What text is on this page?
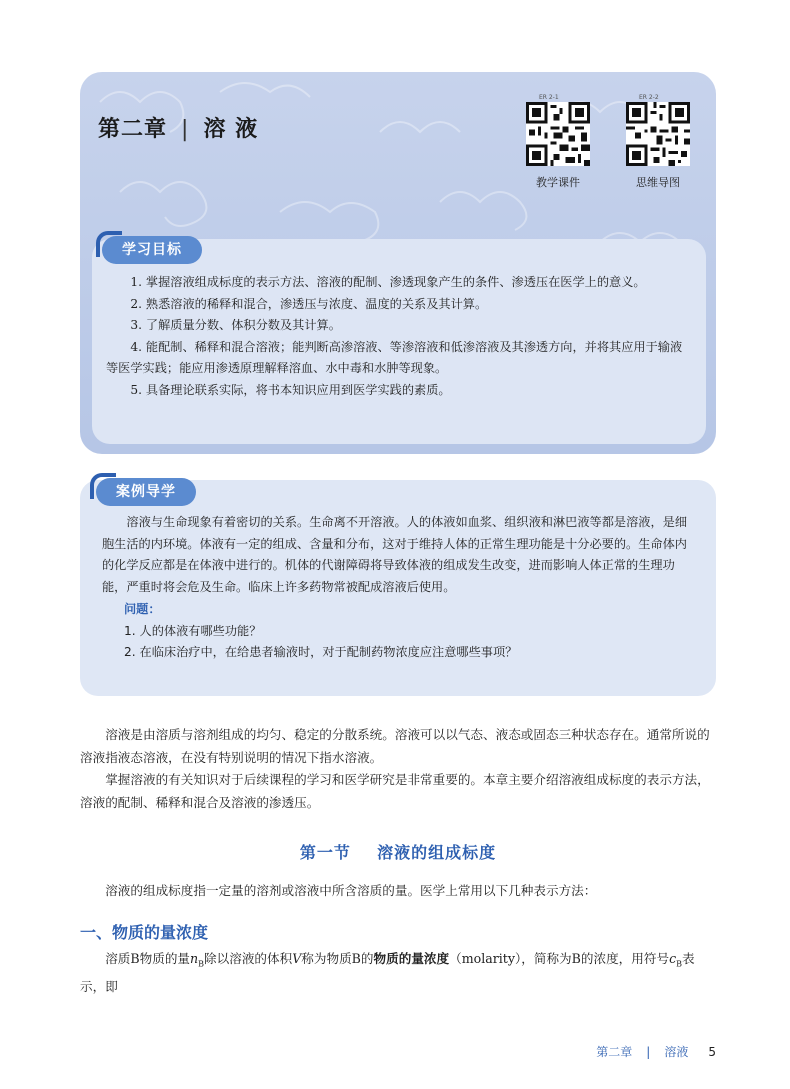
第二章 | 溶 液
ER 2-1
教学课件
ER 2-2
思维导图
学习目标

1. 掌握溶液组成标度的表示方法、溶液的配制、渗透现象产生的条件、渗透压在医学上的意义。

2. 熟悉溶液的稀释和混合，渗透压与浓度、温度的关系及其计算。

3. 了解质量分数、体积分数及其计算。

4. 能配制、稀释和混合溶液；能判断高渗溶液、等渗溶液和低渗溶液及其渗透方向，并将其应用于输液等医学实践；能应用渗透原理解释溶血、水中毒和水肿等现象。

5. 具备理论联系实际，将书本知识应用到医学实践的素质。

案例导学

溶液与生命现象有着密切的关系。生命离不开溶液。人的体液如血浆、组织液和淋巴液等都是溶液，是细胞生活的内环境。体液有一定的组成、含量和分布，这对于维持人体的正常生理功能是十分必要的。生命体内的化学反应都是在体液中进行的。机体的代谢障碍将导致体液的组成发生改变，进而影响人体正常的生理功能，严重时将会危及生命。临床上许多药物常被配成溶液后使用。

问题：

1. 人的体液有哪些功能？

2. 在临床治疗中，在给患者输液时，对于配制药物浓度应注意哪些事项？

溶液是由溶质与溶剂组成的均匀、稳定的分散系统。溶液可以以气态、液态或固态三种状态存在。通常所说的溶液指液态溶液，在没有特别说明的情况下指水溶液。

掌握溶液的有关知识对于后续课程的学习和医学研究是非常重要的。本章主要介绍溶液组成标度的表示方法，溶液的配制、稀释和混合及溶液的渗透压。

第一节    溶液的组成标度

溶液的组成标度指一定量的溶剂或溶液中所含溶质的量。医学上常用以下几种表示方法：

一、物质的量浓度

溶质B物质的量$n_B$除以溶液的体积V称为物质B的物质的量浓度（molarity），简称为B的浓度，用符号$c_B$表示，即

第二章 | 溶液 5
